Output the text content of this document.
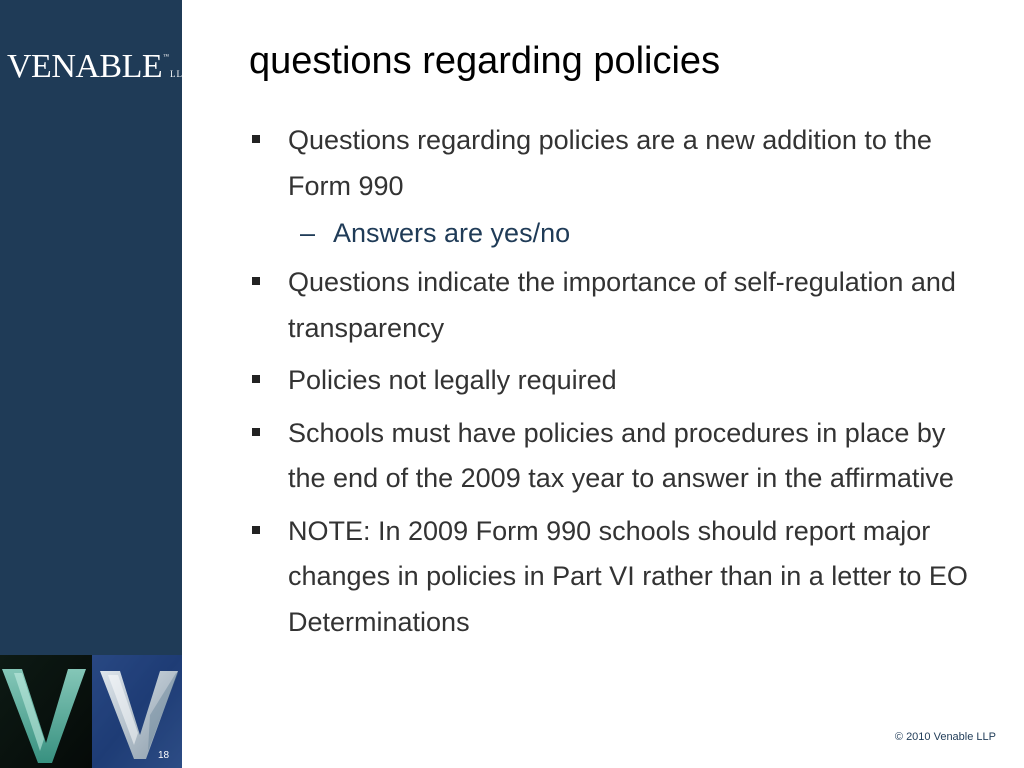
VENABLE™LLP
18
questions regarding policies
Questions regarding policies are a new addition to the Form 990
– Answers are yes/no
Questions indicate the importance of self-regulation and transparency
Policies not legally required
Schools must have policies and procedures in place by the end of the 2009 tax year to answer in the affirmative
NOTE: In 2009 Form 990 schools should report major changes in policies in Part VI rather than in a letter to EO Determinations
© 2010 Venable LLP
